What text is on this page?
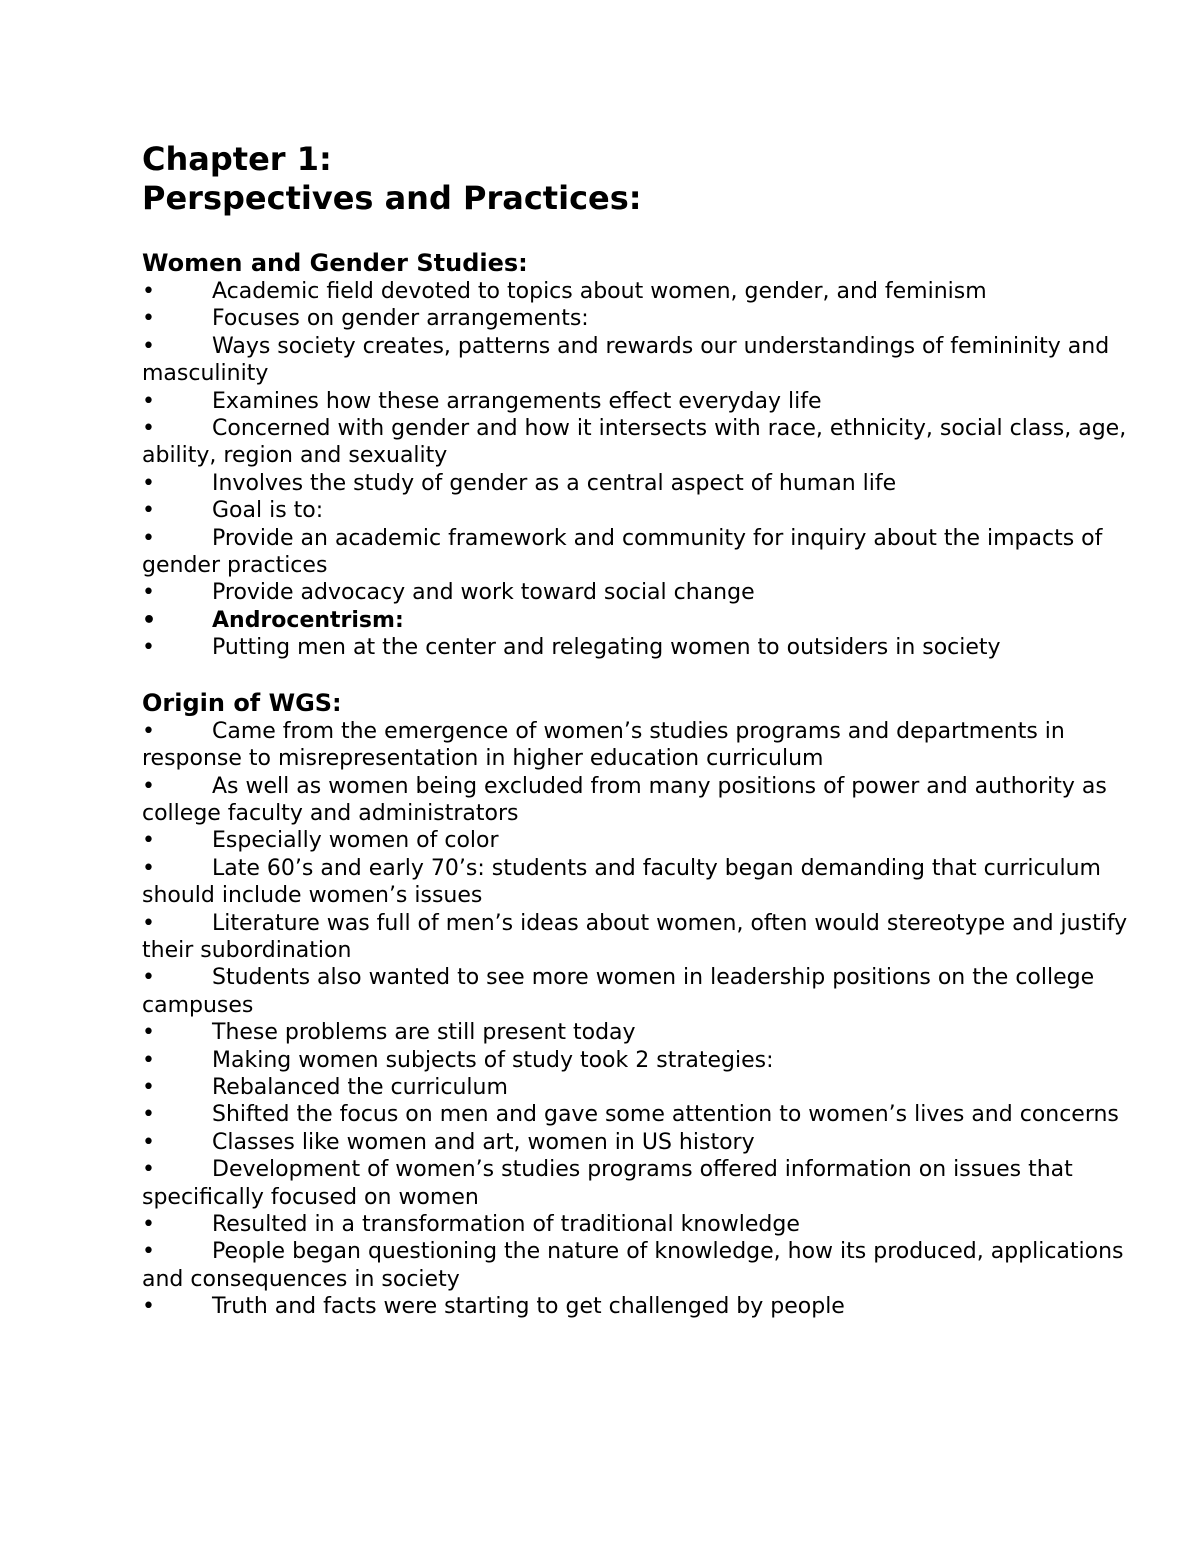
Chapter 1:
Perspectives and Practices:
Women and Gender Studies:
•	Academic field devoted to topics about women, gender, and feminism
•	Focuses on gender arrangements:
•	Ways society creates, patterns and rewards our understandings of femininity and masculinity
•	Examines how these arrangements effect everyday life
•	Concerned with gender and how it intersects with race, ethnicity, social class, age, ability, region and sexuality
•	Involves the study of gender as a central aspect of human life
•	Goal is to:
•	Provide an academic framework and community for inquiry about the impacts of gender practices
•	Provide advocacy and work toward social change
•	Androcentrism:
•	Putting men at the center and relegating women to outsiders in society
Origin of WGS:
•	Came from the emergence of women’s studies programs and departments in response to misrepresentation in higher education curriculum
•	As well as women being excluded from many positions of power and authority as college faculty and administrators
•	Especially women of color
•	Late 60’s and early 70’s: students and faculty began demanding that curriculum should include women’s issues
•	Literature was full of men’s ideas about women, often would stereotype and justify their subordination
•	Students also wanted to see more women in leadership positions on the college campuses
•	These problems are still present today
•	Making women subjects of study took 2 strategies:
•	Rebalanced the curriculum
•	Shifted the focus on men and gave some attention to women’s lives and concerns
•	Classes like women and art, women in US history
•	Development of women’s studies programs offered information on issues that specifically focused on women
•	Resulted in a transformation of traditional knowledge
•	People began questioning the nature of knowledge, how its produced, applications and consequences in society
•	Truth and facts were starting to get challenged by people
